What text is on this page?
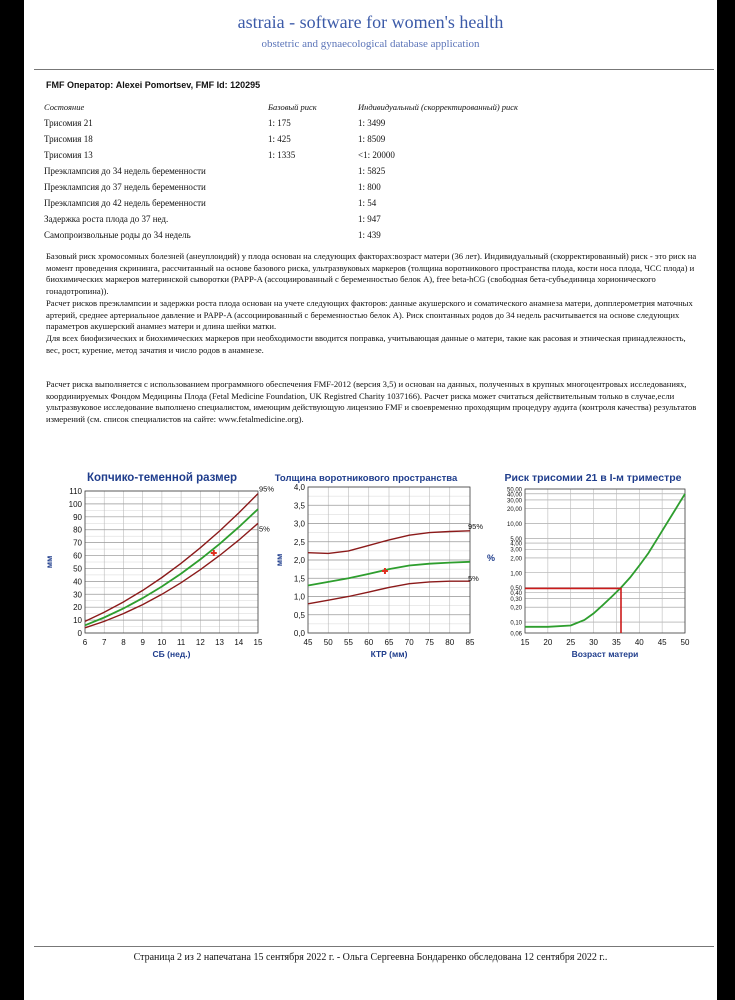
astraia - software for women's health
obstetric and gynaecological database application
FMF Оператор: Alexei Pomortsev, FMF Id: 120295
Состояние	Базовый риск	Индивидуальный (скорректированный) риск
Трисомия 21	1: 175	1: 3499
Трисомия 18	1: 425	1: 8509
Трисомия 13	1: 1335	<1: 20000
Преэклампсия до 34 недель беременности		1: 5825
Преэклампсия до 37 недель беременности		1: 800
Преэклампсия до 42 недель беременности		1: 54
Задержка роста плода до 37 нед.		1: 947
Самопроизвольные роды до 34 недель		1: 439
Базовый риск хромосомных болезней (анеуплоидий) у плода основан на следующих факторах:возраст матери (36 лет). Индивидуальный (скорректированный) риск - это риск на момент проведения скрининга, рассчитанный на основе базового риска, ультразвуковых маркеров (толщина воротникового пространства плода, кости носа плода, ЧСС плода) и биохимических маркеров материнской сыворотки (PAPP-A (ассоциированный с беременностью белок А), free beta-hCG (свободная бета-субъединица хорионического гонадотропина)).
Расчет рисков преэклампсии и задержки роста плода основан на учете следующих факторов: данные акушерского и соматического анамнеза матери, допплерометрия маточных артерий, среднее артериальное давление и PAPP-A (ассоциированный с беременностью белок А). Риск спонтанных родов до 34 недель расчитывается на основе следующих параметров акушерский анамнез матери и длина шейки матки.
Для всех биофизических и биохимических маркеров при необходимости вводится поправка, учитывающая данные о матери, такие как расовая и этническая принадлежность, вес, рост, курение, метод зачатия и число родов в анамнезе.
Расчет риска выполняется с использованием программного обеспечения FMF-2012 (версия 3,5) и основан на данных, полученных в крупных многоцентровых исследованиях, координируемых Фондом Медицины Плода (Fetal Medicine Foundation, UK Registred Charity 1037166). Расчет риска может считаться действительным только в случае,если ультразвуковое исследование выполнено специалистом, имеющим действующую лицензию FMF и своевременно проходящим процедуру аудита (контроля качества) результатов измерений (см. список специалистов на сайте: www.fetalmedicine.org).
Копчико-теменной размер
6 7 8 9 10 11 12 13 14 15
0
10
20
30
40
50
60
70
80
90
100
110	95%
5%
СБ (нед.)
мм
Толщина воротникового пространства
45 50 55 60 65 70 75 80 85
0,0
0,5
1,0
1,5
2,0
2,5
3,0
3,5
4,0
95%
5%
КТР (мм)
мм
Риск трисомии 21 в I-м триместре
0,06
0,10
0,20
0,30
0,40
0,50
1,00
2,00
3,00
4,00
5,00
10,00
20,00
30,00
40,00
50,00
15 20 25 30 35 40 45 50
Возраст матери
%
Страница 2 из 2 напечатана 15 сентября 2022 г. - Ольга Сергеевна Бондаренко обследована 12 сентября 2022 г..
